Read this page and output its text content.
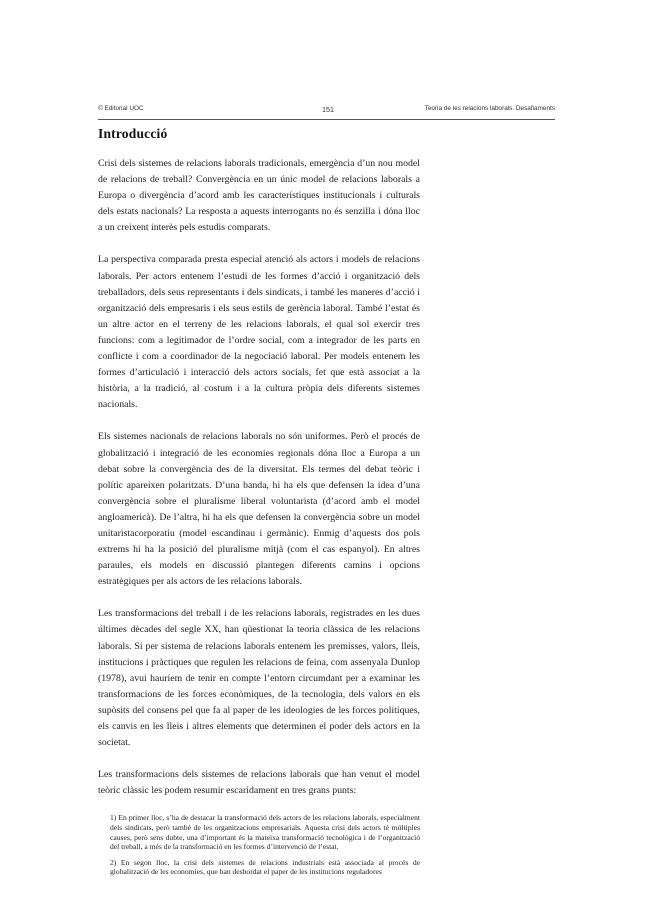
© Editorial UOC	151	Teoria de les relacions laborals. Desafiaments
Introducció

Crisi dels sistemes de relacions laborals tradicionals, emergència d’un nou model de relacions de treball? Convergència en un únic model de relacions laborals a Europa o divergència d’acord amb les característiques institucionals i culturals dels estats nacionals? La resposta a aquests interrogants no és senzilla i dóna lloc a un creixent interès pels estudis comparats.

La perspectiva comparada presta especial atenció als actors i models de relacions laborals. Per actors entenem l’estudi de les formes d’acció i organització dels treballadors, dels seus representants i dels sindicats, i també les maneres d’acció i organització dels empresaris i els seus estils de gerència laboral. També l’estat és un altre actor en el terreny de les relacions laborals, el qual sol exercir tres funcions: com a legitimador de l’ordre social, com a integrador de les parts en conflicte i com a coordinador de la negociació laboral. Per models entenem les formes d’articulació i interacció dels actors socials, fet que està associat a la història, a la tradició, al costum i a la cultura pròpia dels diferents sistemes nacionals.

Els sistemes nacionals de relacions laborals no són uniformes. Però el procés de globalització i integració de les economies regionals dóna lloc a Europa a un debat sobre la convergència des de la diversitat. Els termes del debat teòric i polític apareixen polaritzats. D’una banda, hi ha els que defensen la idea d’una convergència sobre el pluralisme liberal voluntarista (d’acord amb el model angloamericà). De l’altra, hi ha els que defensen la convergència sobre un model unitaristacorporatiu (model escandinau i germànic). Enmig d’aquests dos pols extrems hi ha la posició del pluralisme mitjà (com el cas espanyol). En altres paraules, els models en discussió plantegen diferents camins i opcions estratègiques per als actors de les relacions laborals.

Les transformacions del treball i de les relacions laborals, registrades en les dues últimes dècades del segle XX, han qüestionat la teoria clàssica de les relacions laborals. Si per sistema de relacions laborals entenem les premisses, valors, lleis, institucions i pràctiques que regulen les relacions de feina, com assenyala Dunlop (1978), avui hauríem de tenir en compte l’entorn circumdant per a examinar les transformacions de les forces econòmiques, de la tecnologia, dels valors en els supòsits del consens pel que fa al paper de les ideologies de les forces polítiques, els canvis en les lleis i altres elements que determinen el poder dels actors en la societat.

Les transformacions dels sistemes de relacions laborals que han venut el model teòric clàssic les podem resumir escaridament en tres grans punts:

1) En primer lloc, s’ha de destacar la transformació dels actors de les relacions laborals, especialment dels sindicats, però també de les organitzacions empresarials. Aquesta crisi dels actors té múltiples causes, però sens dubte, una d’important és la mateixa transformació tecnològica i de l’organització del treball, a més de la transformació en les formes d’intervenció de l’estat.

2) En segon lloc, la crisi dels sistemes de relacions industrials està associada al procés de globalització de les economies, que han desbordat el paper de les institucions reguladores
